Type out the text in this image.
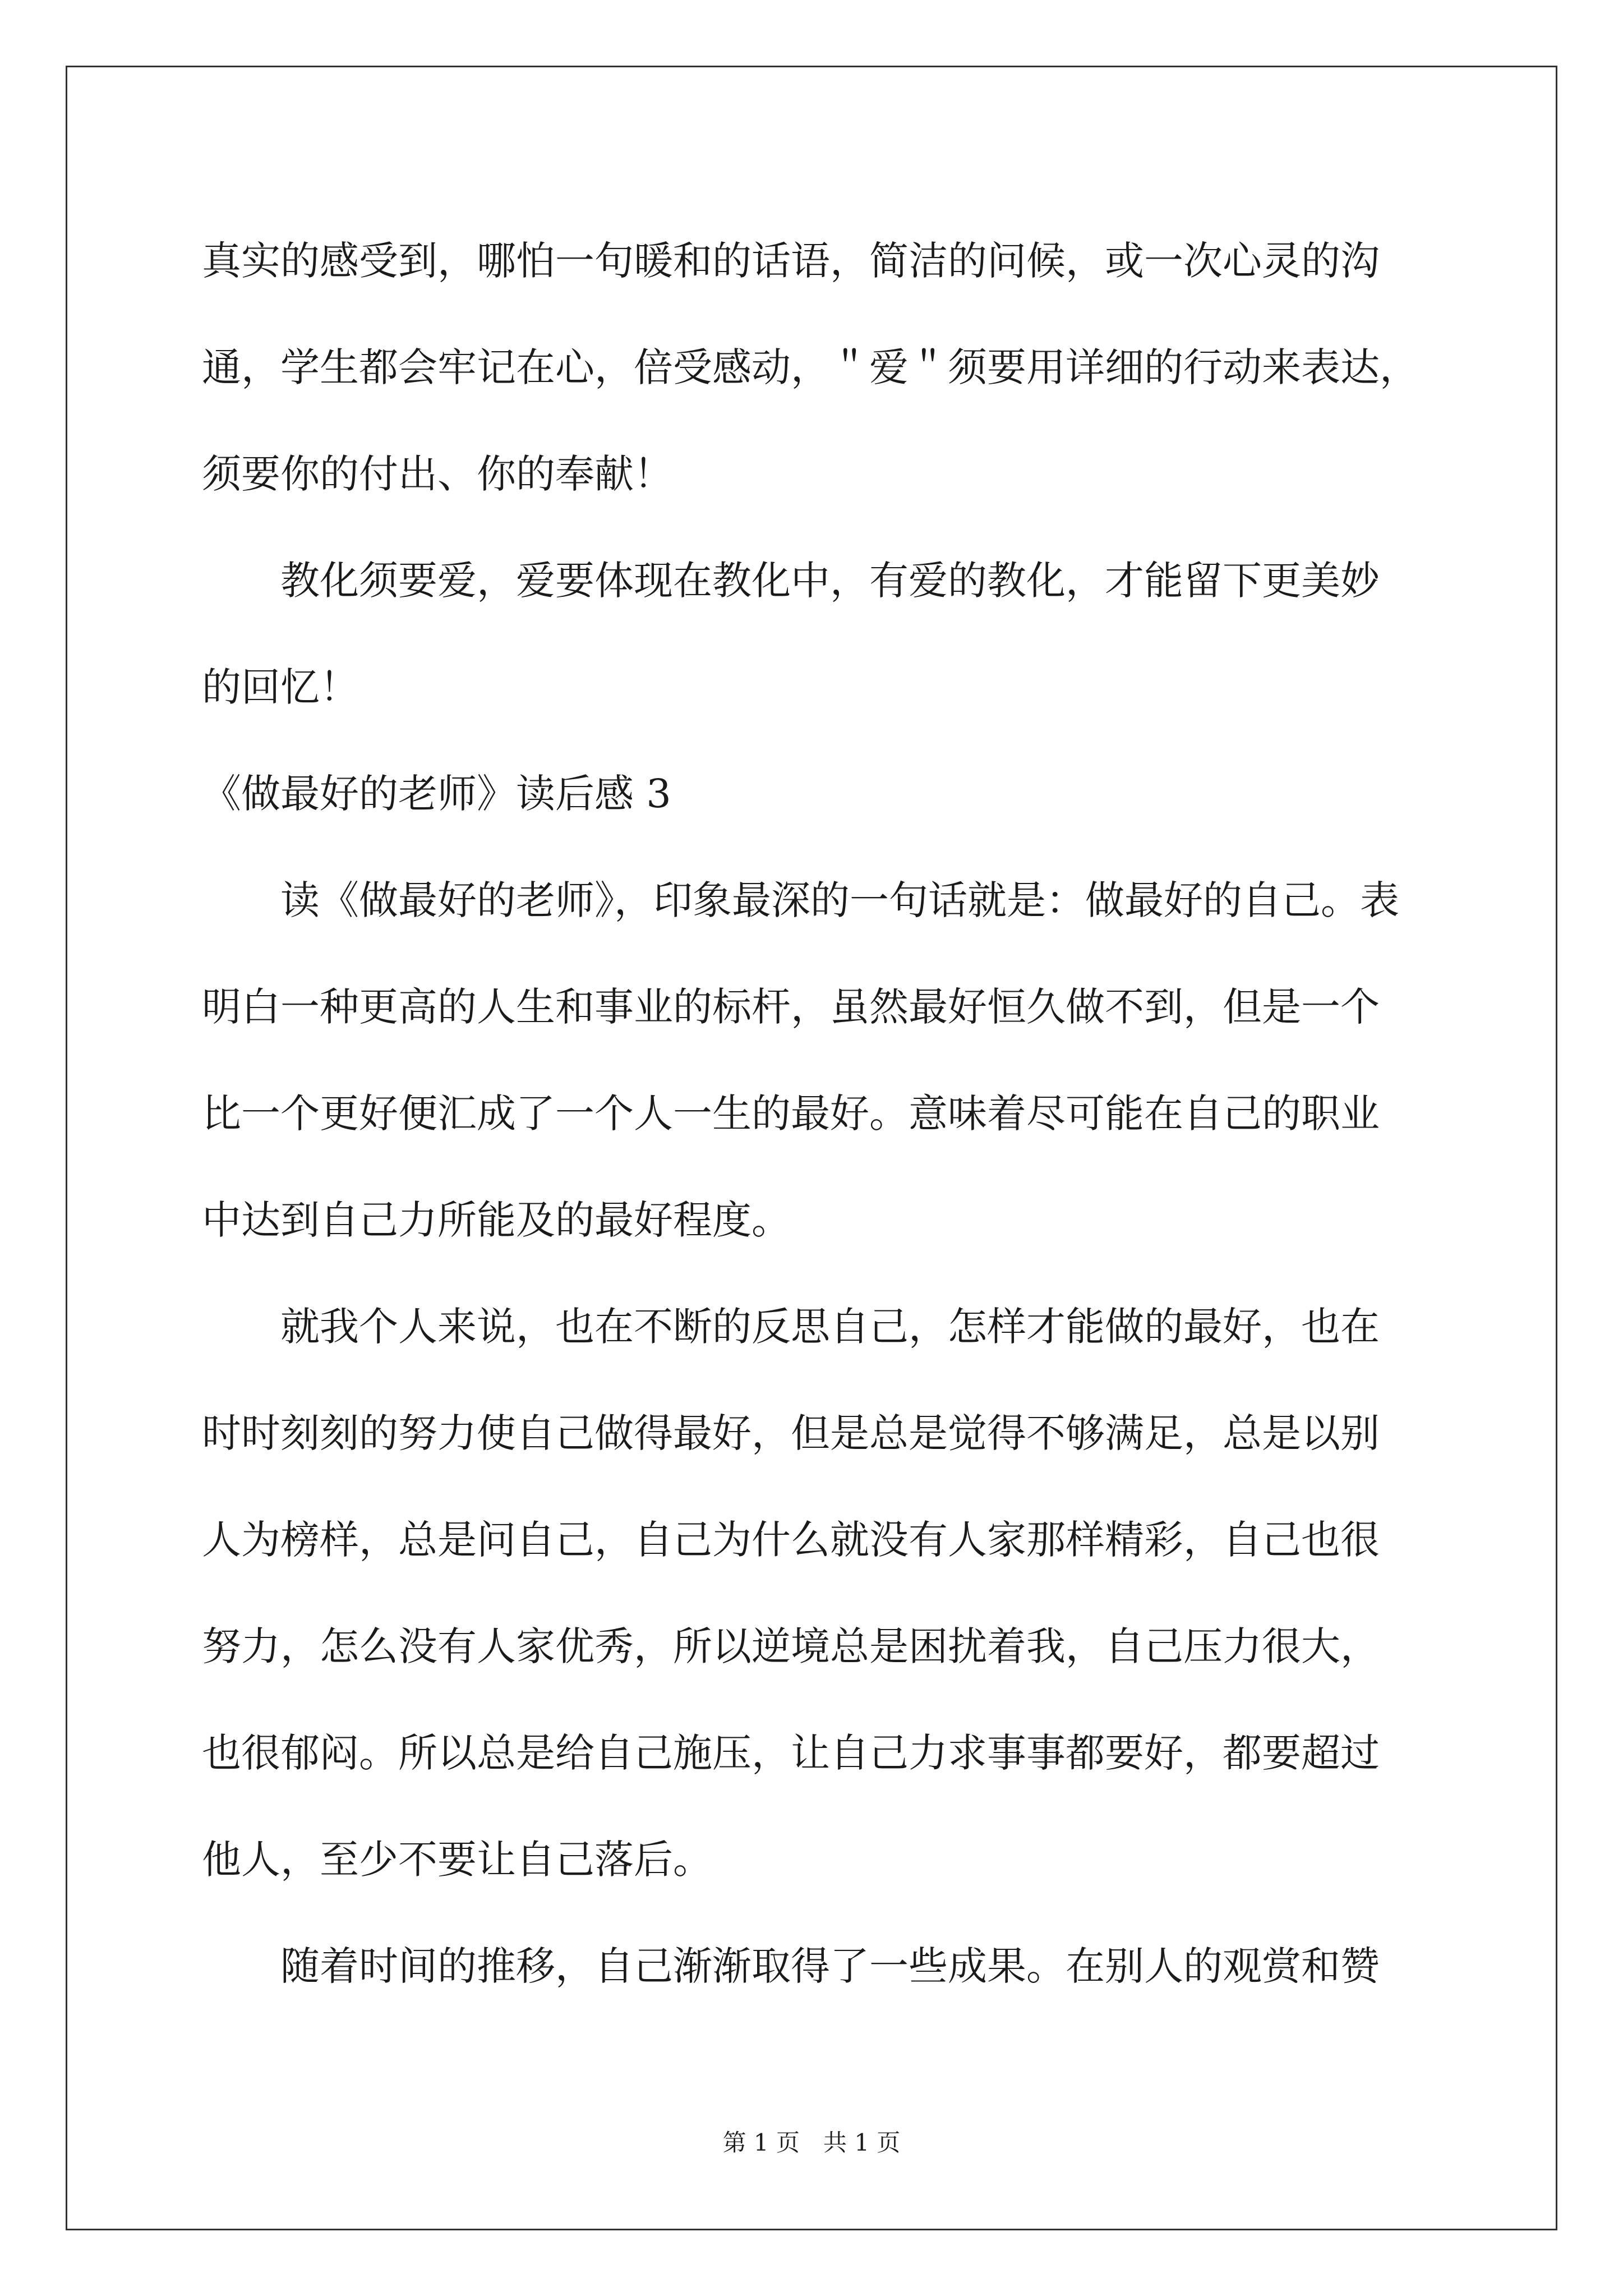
真实的感受到，哪怕一句暖和的话语，简洁的问候，或一次心灵的沟

通，学生都会牢记在心，倍受感动，＂爱＂须要用详细的行动来表达，

须要你的付出、你的奉献！

教化须要爱，爱要体现在教化中，有爱的教化，才能留下更美妙

的回忆！

《做最好的老师》读后感 3

读《做最好的老师》，印象最深的一句话就是：做最好的自己。表

明白一种更高的人生和事业的标杆，虽然最好恒久做不到，但是一个

比一个更好便汇成了一个人一生的最好。意味着尽可能在自己的职业

中达到自己力所能及的最好程度。

就我个人来说，也在不断的反思自己，怎样才能做的最好，也在

时时刻刻的努力使自己做得最好，但是总是觉得不够满足，总是以别

人为榜样，总是问自己，自己为什么就没有人家那样精彩，自己也很

努力，怎么没有人家优秀，所以逆境总是困扰着我，自己压力很大，

也很郁闷。所以总是给自己施压，让自己力求事事都要好，都要超过

他人，至少不要让自己落后。

随着时间的推移，自己渐渐取得了一些成果。在别人的观赏和赞

第 1 页　共 1 页
